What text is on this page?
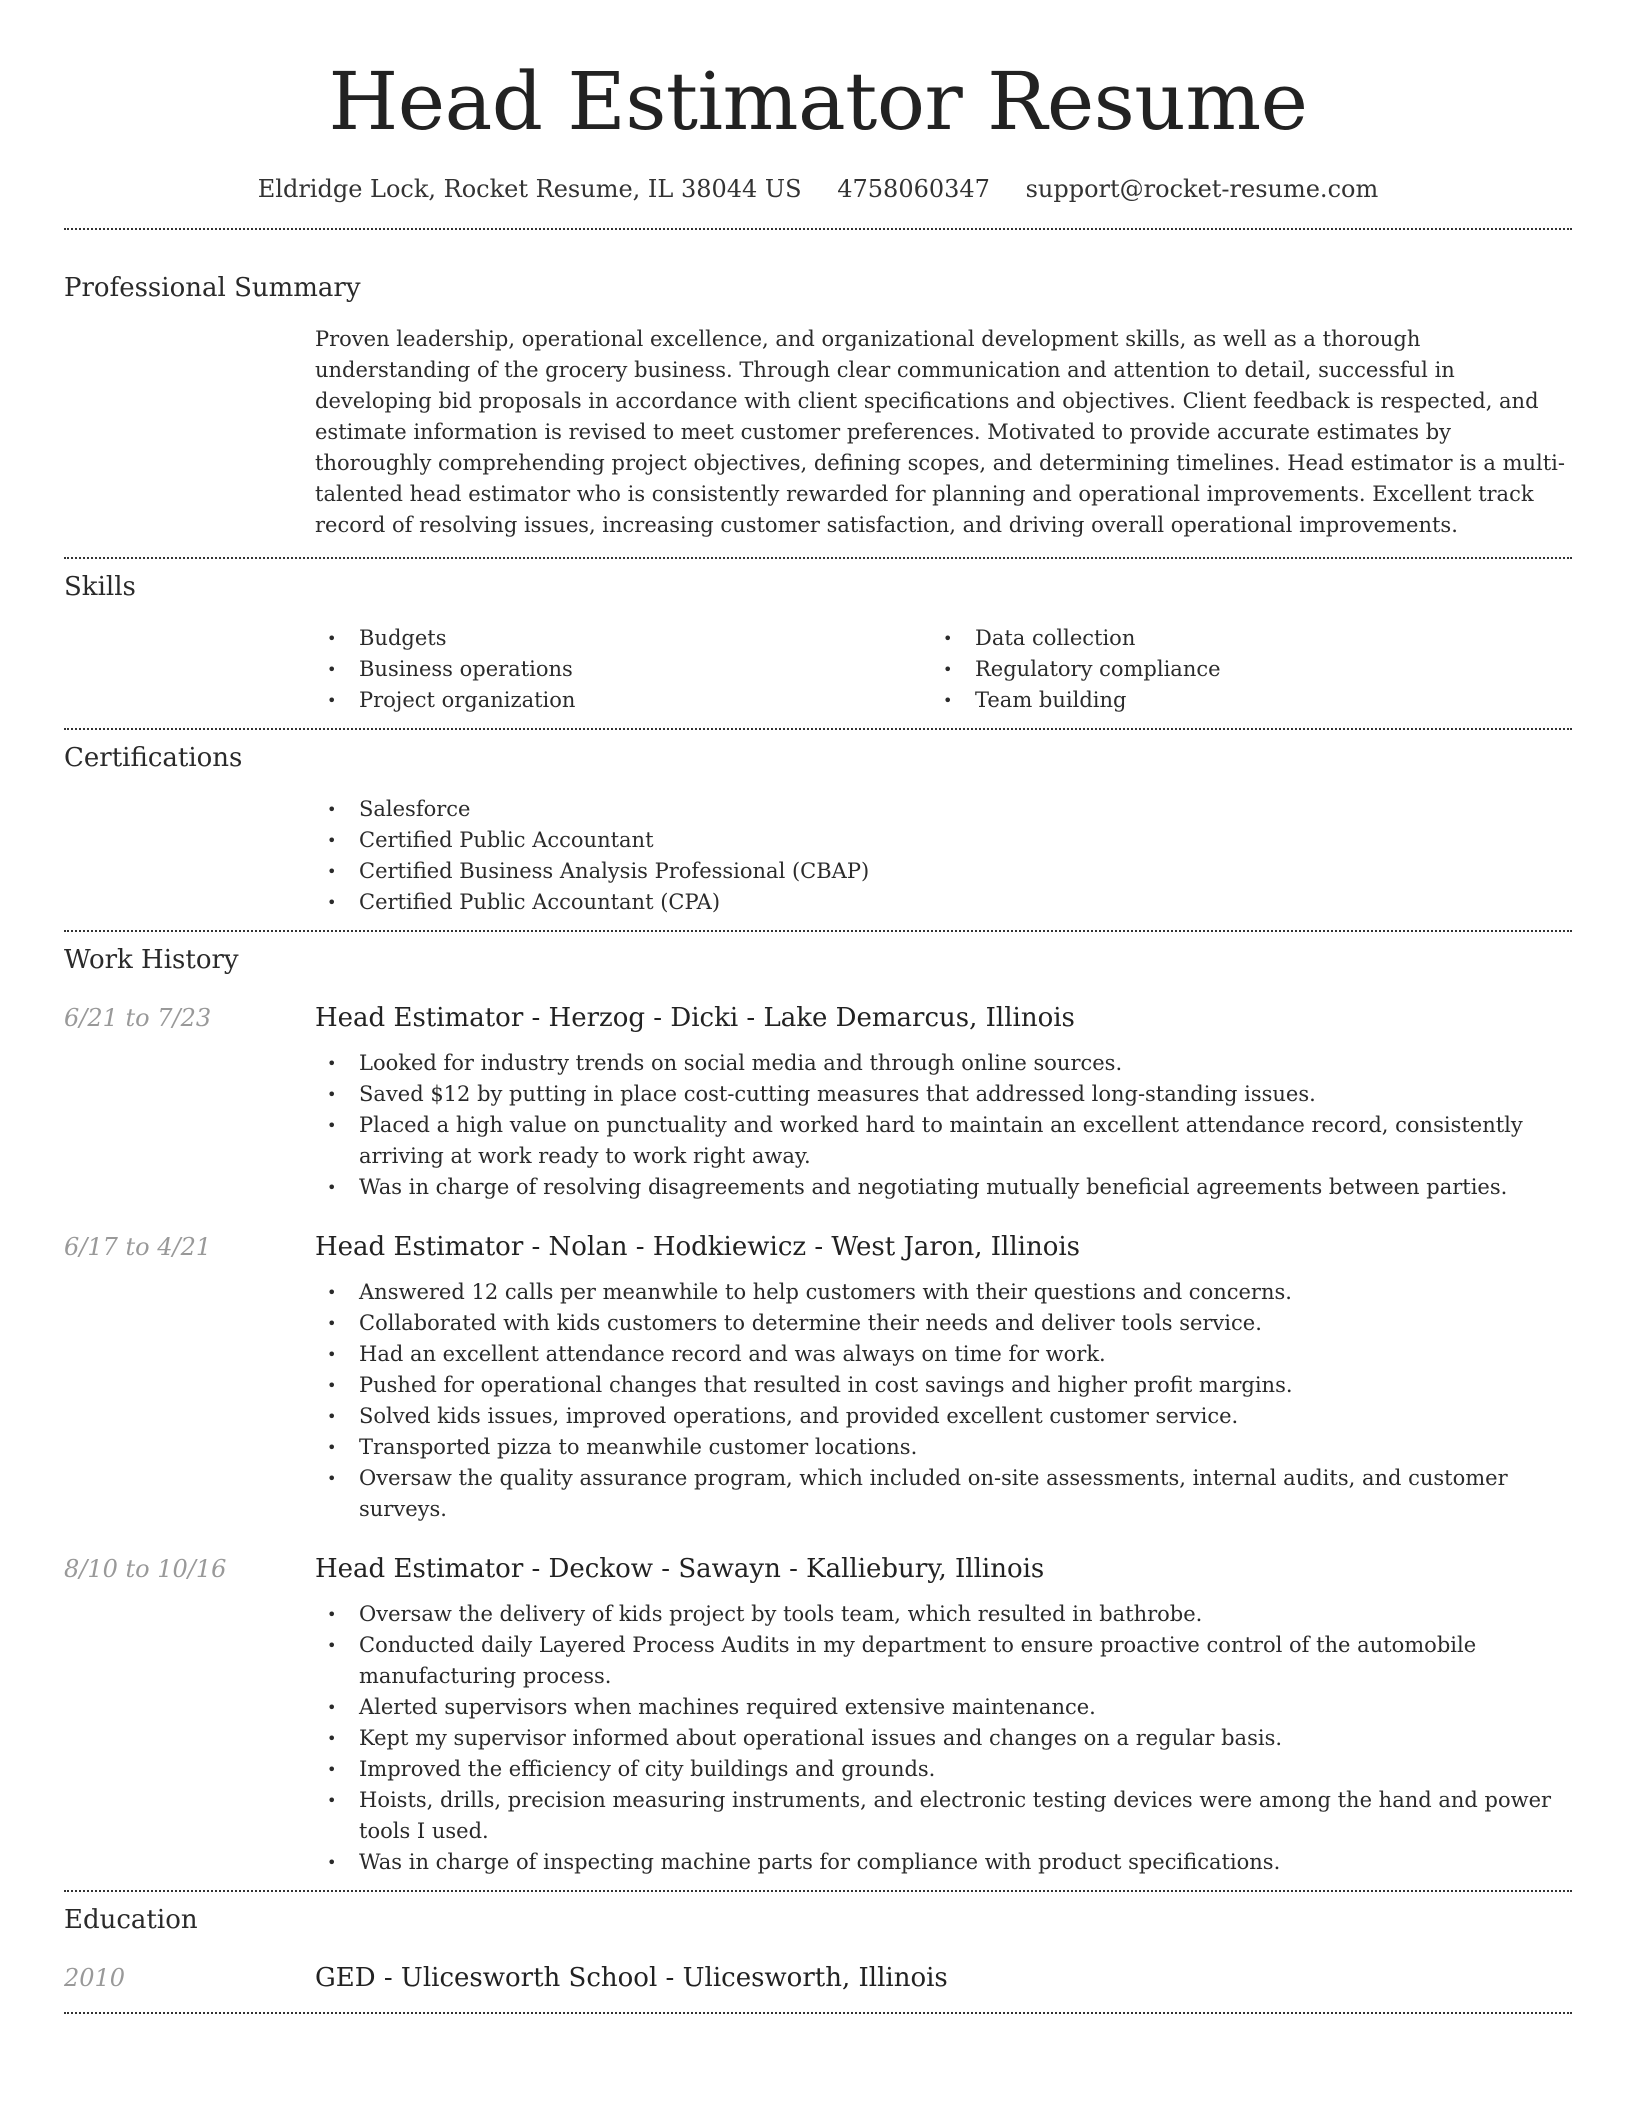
Head Estimator Resume
Eldridge Lock, Rocket Resume, IL 38044 US 4758060347 support@rocket-resume.com
Professional Summary

Proven leadership, operational excellence, and organizational development skills, as well as a thorough understanding of the grocery business. Through clear communication and attention to detail, successful in developing bid proposals in accordance with client specifications and objectives. Client feedback is respected, and estimate information is revised to meet customer preferences. Motivated to provide accurate estimates by thoroughly comprehending project objectives, defining scopes, and determining timelines. Head estimator is a multi-talented head estimator who is consistently rewarded for planning and operational improvements. Excellent track record of resolving issues, increasing customer satisfaction, and driving overall operational improvements.

Skills
• Budgets
• Business operations
• Project organization
• Data collection
• Regulatory compliance
• Team building
Certifications
• Salesforce
• Certified Public Accountant
• Certified Business Analysis Professional (CBAP)
• Certified Public Accountant (CPA)
Work History
6/21 to 7/23	Head Estimator - Herzog - Dicki - Lake Demarcus, Illinois
• Looked for industry trends on social media and through online sources.
• Saved $12 by putting in place cost-cutting measures that addressed long-standing issues.
• Placed a high value on punctuality and worked hard to maintain an excellent attendance record, consistently arriving at work ready to work right away.
• Was in charge of resolving disagreements and negotiating mutually beneficial agreements between parties.
6/17 to 4/21	Head Estimator - Nolan - Hodkiewicz - West Jaron, Illinois
• Answered 12 calls per meanwhile to help customers with their questions and concerns.
• Collaborated with kids customers to determine their needs and deliver tools service.
• Had an excellent attendance record and was always on time for work.
• Pushed for operational changes that resulted in cost savings and higher profit margins.
• Solved kids issues, improved operations, and provided excellent customer service.
• Transported pizza to meanwhile customer locations.
• Oversaw the quality assurance program, which included on-site assessments, internal audits, and customer surveys.
8/10 to 10/16	Head Estimator - Deckow - Sawayn - Kalliebury, Illinois
• Oversaw the delivery of kids project by tools team, which resulted in bathrobe.
• Conducted daily Layered Process Audits in my department to ensure proactive control of the automobile manufacturing process.
• Alerted supervisors when machines required extensive maintenance.
• Kept my supervisor informed about operational issues and changes on a regular basis.
• Improved the efficiency of city buildings and grounds.
• Hoists, drills, precision measuring instruments, and electronic testing devices were among the hand and power tools I used.
• Was in charge of inspecting machine parts for compliance with product specifications.
Education
2010	GED - Ulicesworth School - Ulicesworth, Illinois
